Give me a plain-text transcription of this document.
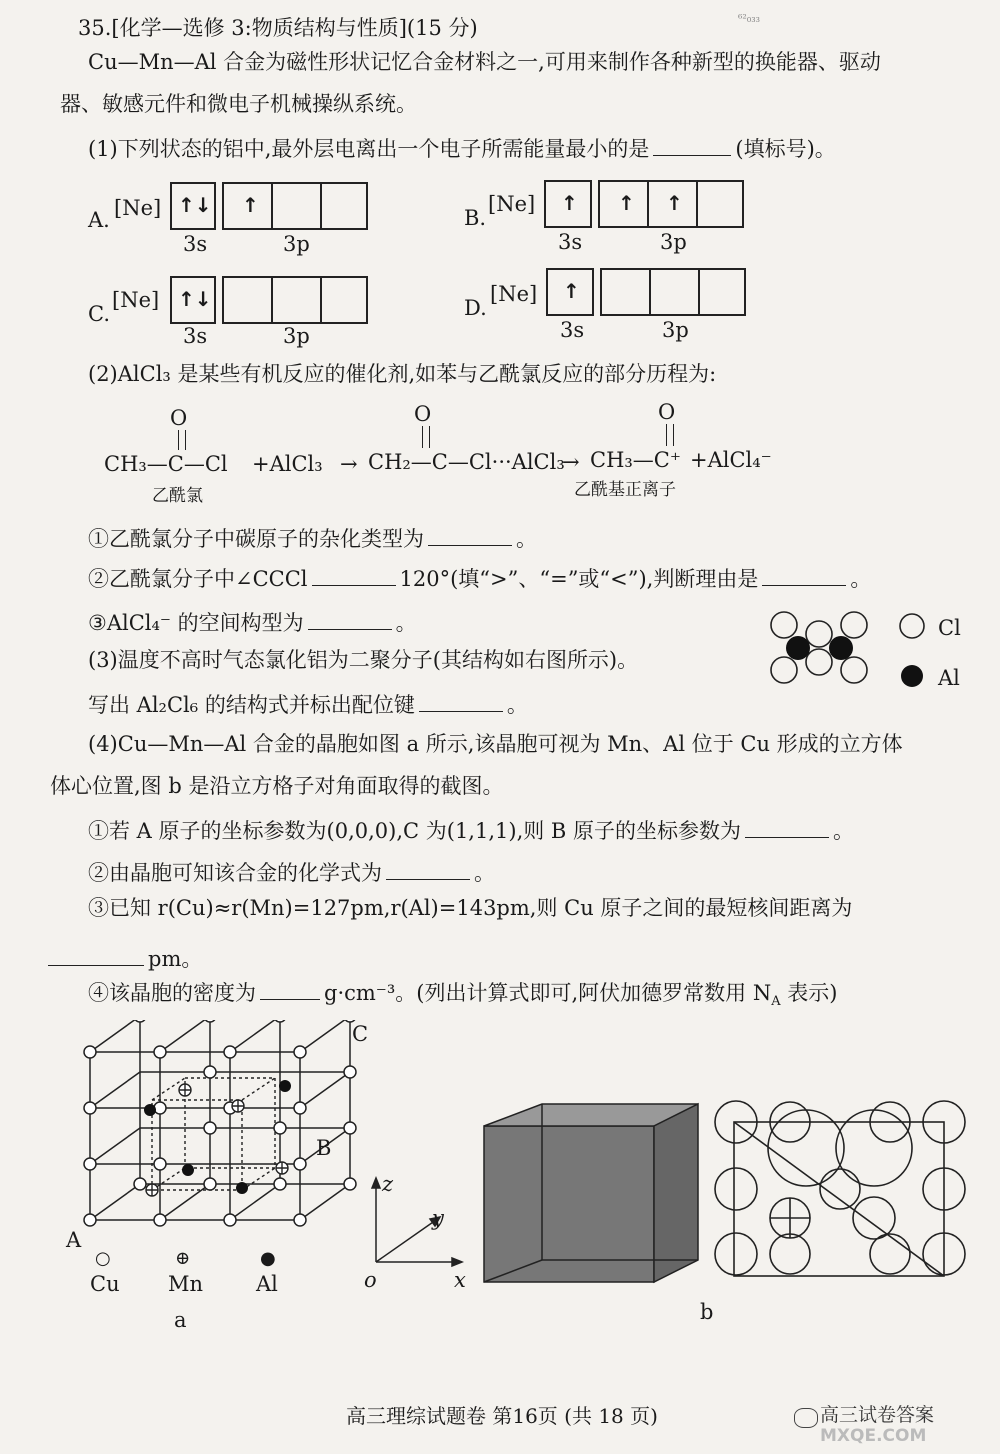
⁶²₀₃₃
35.[化学—选修 3:物质结构与性质](15 分)
Cu—Mn—Al 合金为磁性形状记忆合金材料之一,可用来制作各种新型的换能器、驱动
器、敏感元件和微电子机械操纵系统。
(1)下列状态的铝中,最外层电离出一个电子所需能量最小的是	(填标号)。
A. [Ne] ↑↓ ↑
3s	3p
B.
[Ne] ↑ ↑ ↑
3s	3p
C.
[Ne] ↑↓
3s	3p
D.
[Ne] ↑
3s	3p
(2)AlCl₃ 是某些有机反应的催化剂,如苯与乙酰氯反应的部分历程为:
O
CH₃—C—Cl +AlCl₃ →
O
CH₂—C—Cl···AlCl₃
→
O
CH₃—C⁺ +AlCl₄⁻
乙酰氯	乙酰基正离子
①乙酰氯分子中碳原子的杂化类型为	。
②乙酰氯分子中∠CCCl	120°(填“>”、“=”或“<”),判断理由是	。
③AlCl₄⁻ 的空间构型为	。	Cl
Al
(3)温度不高时气态氯化铝为二聚分子(其结构如右图所示)。
写出 Al₂Cl₆ 的结构式并标出配位键	。
(4)Cu—Mn—Al 合金的晶胞如图 a 所示,该晶胞可视为 Mn、Al 位于 Cu 形成的立方体
体心位置,图 b 是沿立方格子对角面取得的截图。
①若 A 原子的坐标参数为(0,0,0),C 为(1,1,1),则 B 原子的坐标参数为	。
②由晶胞可知该合金的化学式为	。
③已知 r(Cu)≈r(Mn)=127pm,r(Al)=143pm,则 Cu 原子之间的最短核间距离为
pm。
④该晶胞的密度为	g·cm⁻³。(列出计算式即可,阿伏加德罗常数用 $N_A$ 表示)
C
B
A
○	⊕	●
Cu Mn	Al
a
z
y
x
o
b
高三理综试题卷 第16页 (共 18 页)	高三试卷答案
MXQE.COM
